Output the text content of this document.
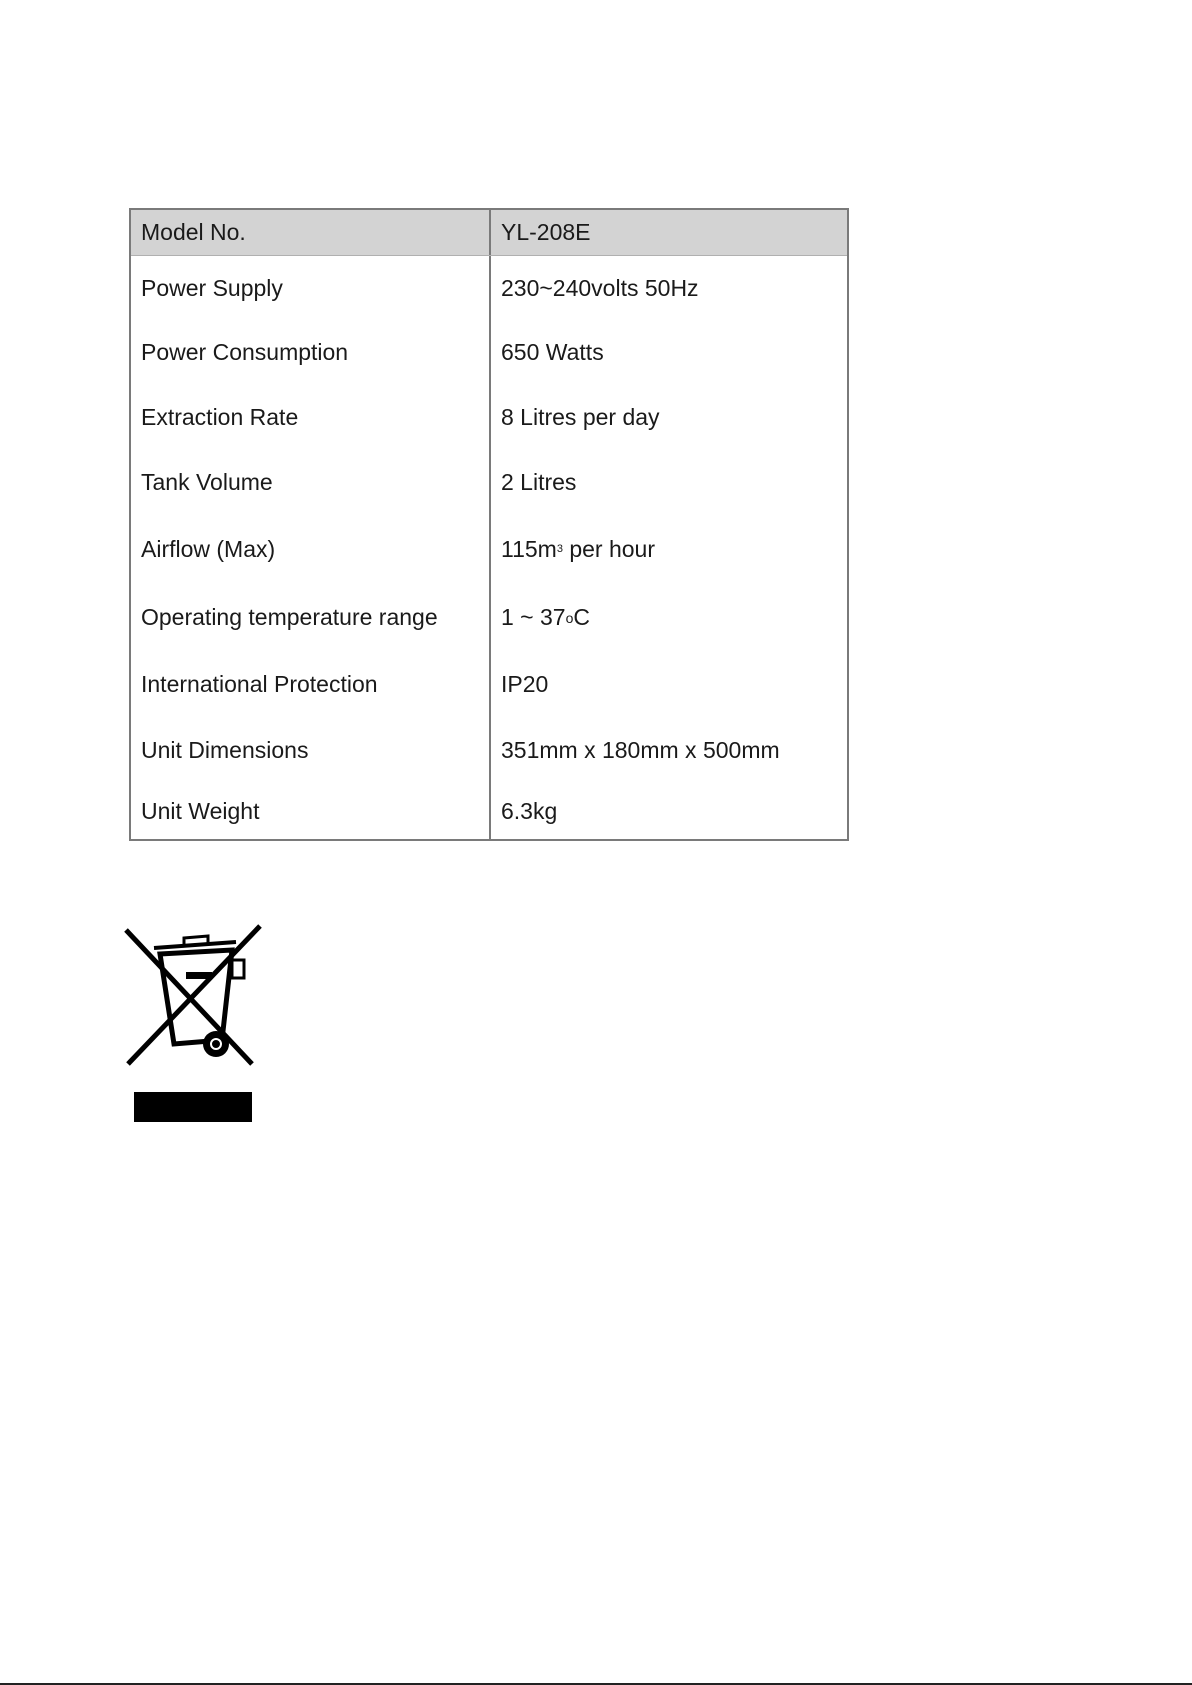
Model No.	YL-208E
Power Supply	230~240volts 50Hz
Power Consumption	650 Watts
Extraction Rate	8 Litres per day
Tank Volume	2 Litres
Airflow (Max)	115m 3 per hour
Operating temperature range	1 ~ 37 o C
International Protection	IP20
Unit Dimensions	351mm x 180mm x 500mm
Unit Weight	6.3kg
